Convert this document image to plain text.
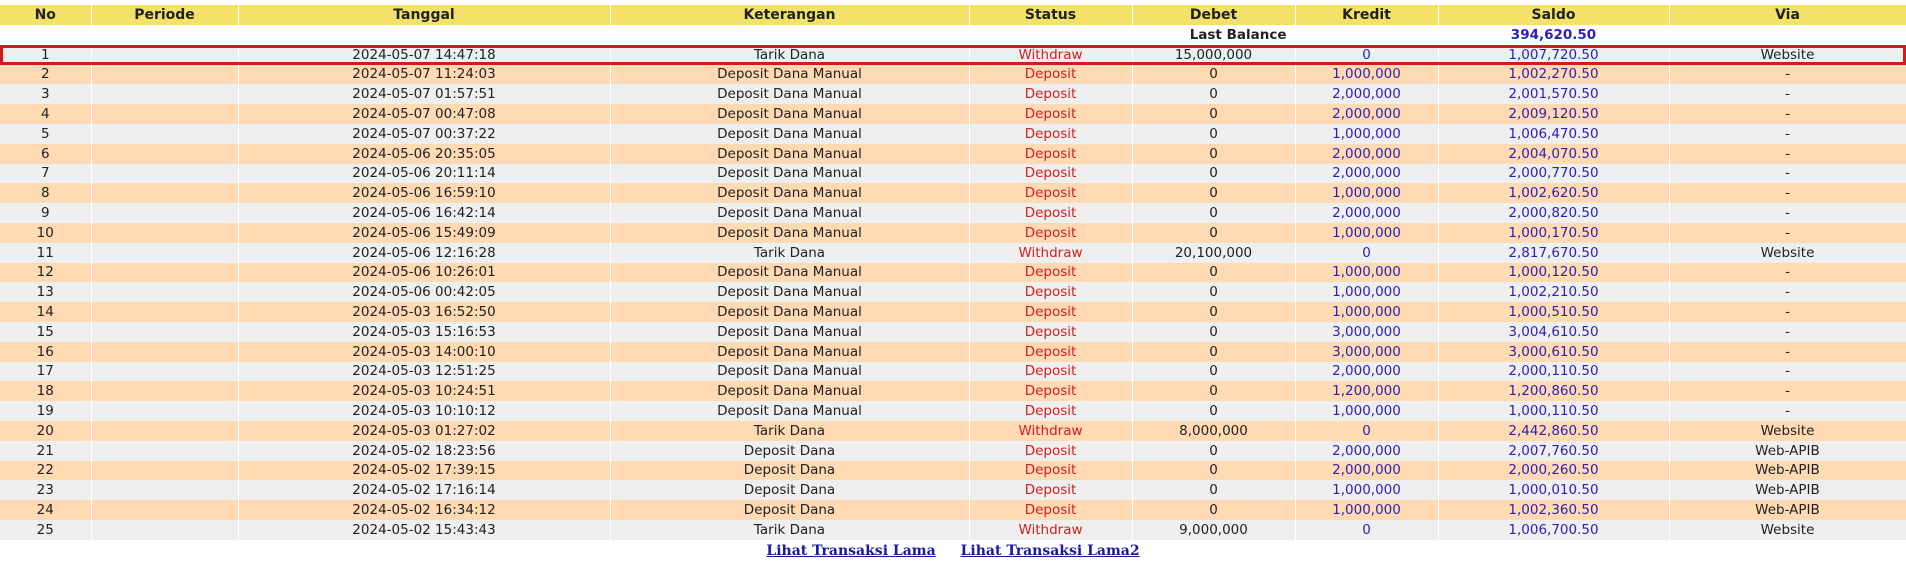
No	Periode	Tanggal	Keterangan	Status	Debet	Kredit	Saldo	Via
Last Balance							394,620.50	
1		2024-05-07 14:47:18	Tarik Dana	Withdraw	15,000,000	0	1,007,720.50	Website
2		2024-05-07 11:24:03	Deposit Dana Manual	Deposit	0	1,000,000	1,002,270.50	-
3		2024-05-07 01:57:51	Deposit Dana Manual	Deposit	0	2,000,000	2,001,570.50	-
4		2024-05-07 00:47:08	Deposit Dana Manual	Deposit	0	2,000,000	2,009,120.50	-
5		2024-05-07 00:37:22	Deposit Dana Manual	Deposit	0	1,000,000	1,006,470.50	-
6		2024-05-06 20:35:05	Deposit Dana Manual	Deposit	0	2,000,000	2,004,070.50	-
7		2024-05-06 20:11:14	Deposit Dana Manual	Deposit	0	2,000,000	2,000,770.50	-
8		2024-05-06 16:59:10	Deposit Dana Manual	Deposit	0	1,000,000	1,002,620.50	-
9		2024-05-06 16:42:14	Deposit Dana Manual	Deposit	0	2,000,000	2,000,820.50	-
10		2024-05-06 15:49:09	Deposit Dana Manual	Deposit	0	1,000,000	1,000,170.50	-
11		2024-05-06 12:16:28	Tarik Dana	Withdraw	20,100,000	0	2,817,670.50	Website
12		2024-05-06 10:26:01	Deposit Dana Manual	Deposit	0	1,000,000	1,000,120.50	-
13		2024-05-06 00:42:05	Deposit Dana Manual	Deposit	0	1,000,000	1,002,210.50	-
14		2024-05-03 16:52:50	Deposit Dana Manual	Deposit	0	1,000,000	1,000,510.50	-
15		2024-05-03 15:16:53	Deposit Dana Manual	Deposit	0	3,000,000	3,004,610.50	-
16		2024-05-03 14:00:10	Deposit Dana Manual	Deposit	0	3,000,000	3,000,610.50	-
17		2024-05-03 12:51:25	Deposit Dana Manual	Deposit	0	2,000,000	2,000,110.50	-
18		2024-05-03 10:24:51	Deposit Dana Manual	Deposit	0	1,200,000	1,200,860.50	-
19		2024-05-03 10:10:12	Deposit Dana Manual	Deposit	0	1,000,000	1,000,110.50	-
20		2024-05-03 01:27:02	Tarik Dana	Withdraw	8,000,000	0	2,442,860.50	Website
21		2024-05-02 18:23:56	Deposit Dana	Deposit	0	2,000,000	2,007,760.50	Web-APIB
22		2024-05-02 17:39:15	Deposit Dana	Deposit	0	2,000,000	2,000,260.50	Web-APIB
23		2024-05-02 17:16:14	Deposit Dana	Deposit	0	1,000,000	1,000,010.50	Web-APIB
24		2024-05-02 16:34:12	Deposit Dana	Deposit	0	1,000,000	1,002,360.50	Web-APIB
25		2024-05-02 15:43:43	Tarik Dana	Withdraw	9,000,000	0	1,006,700.50	Website
Lihat Transaksi Lama Lihat Transaksi Lama2
